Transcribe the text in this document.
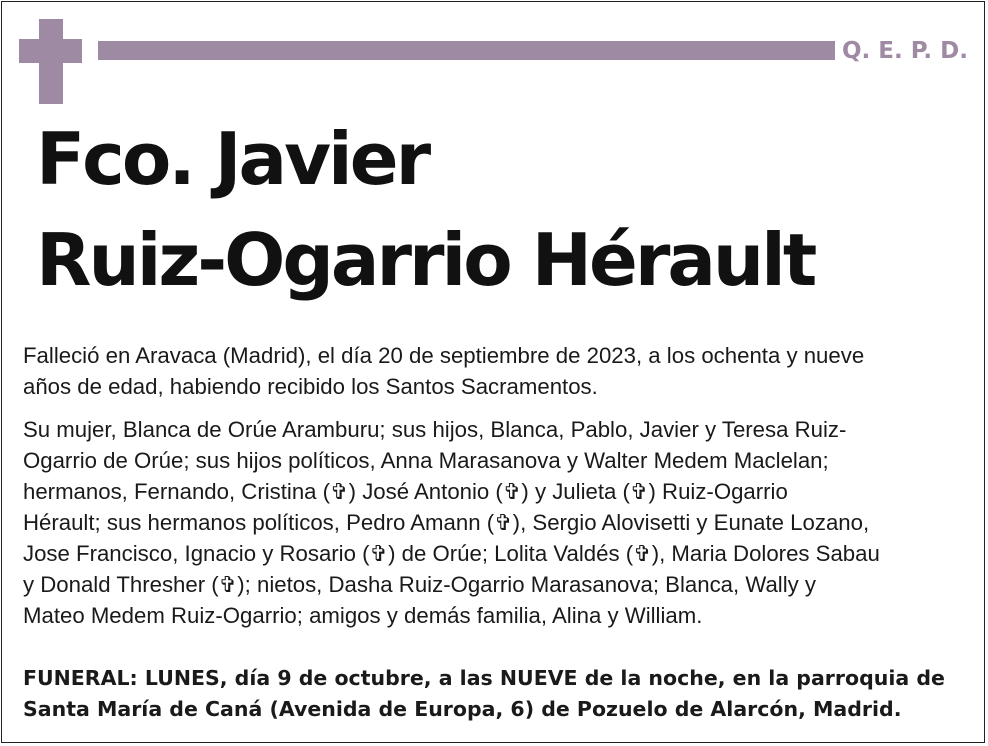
Q. E. P. D.
Fco. Javier
Ruiz-Ogarrio Hérault
Falleció en Aravaca (Madrid), el día 20 de septiembre de 2023, a los ochenta y nueve
años de edad, habiendo recibido los Santos Sacramentos.
Su mujer, Blanca de Orúe Aramburu; sus hijos, Blanca, Pablo, Javier y Teresa Ruiz-
Ogarrio de Orúe; sus hijos políticos, Anna Marasanova y Walter Medem Maclelan;
hermanos, Fernando, Cristina (✞) José Antonio (✞) y Julieta (✞) Ruiz-Ogarrio
Hérault; sus hermanos políticos, Pedro Amann (✞), Sergio Alovisetti y Eunate Lozano,
Jose Francisco, Ignacio y Rosario (✞) de Orúe; Lolita Valdés (✞), Maria Dolores Sabau
y Donald Thresher (✞); nietos, Dasha Ruiz-Ogarrio Marasanova; Blanca, Wally y
Mateo Medem Ruiz-Ogarrio; amigos y demás familia, Alina y William.
FUNERAL: LUNES, día 9 de octubre, a las NUEVE de la noche, en la parroquia de
Santa María de Caná (Avenida de Europa, 6) de Pozuelo de Alarcón, Madrid.
